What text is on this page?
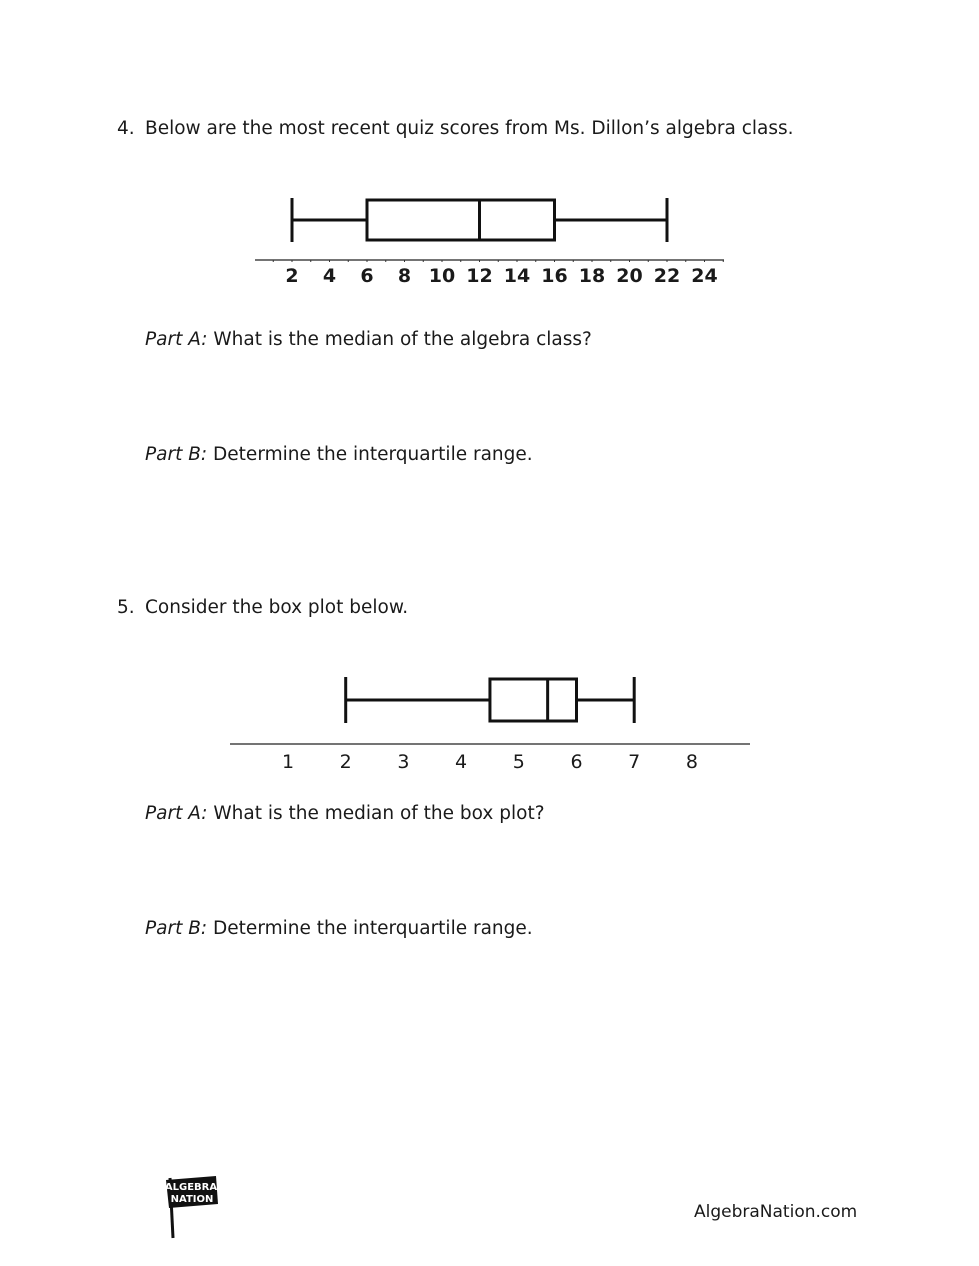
4. Below are the most recent quiz scores from Ms. Dillon’s algebra class.
2 4 6 8 10 12 14 16 18 20 22 24
Part A: What is the median of the algebra class?
Part B: Determine the interquartile range.
5. Consider the box plot below.
1 2 3 4 5 6 7 8
Part A: What is the median of the box plot?
Part B: Determine the interquartile range.
ALGEBRA
NATION
AlgebraNation.com
